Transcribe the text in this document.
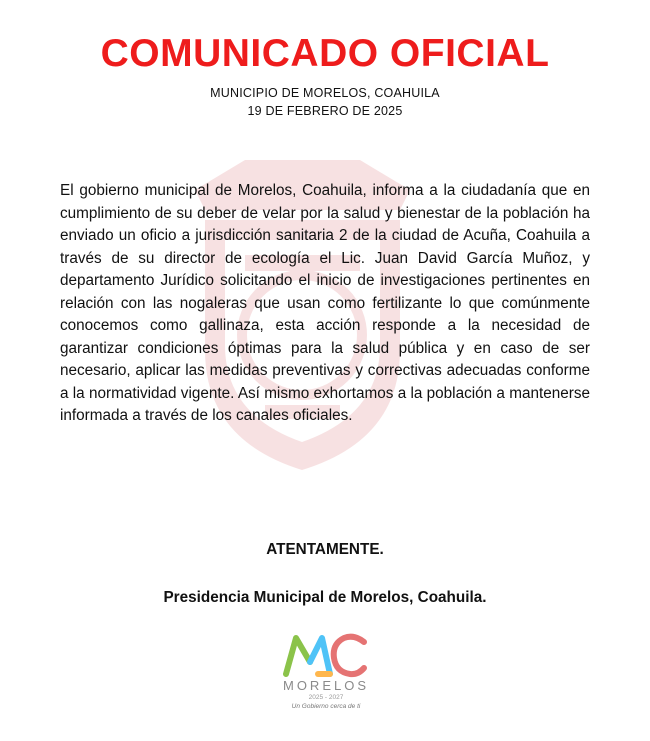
COMUNICADO OFICIAL
MUNICIPIO DE MORELOS, COAHUILA
19 DE FEBRERO DE 2025

El gobierno municipal de Morelos, Coahuila, informa a la ciudadanía que en cumplimiento de su deber de velar por la salud y bienestar de la población ha enviado un oficio a jurisdicción sanitaria 2 de la ciudad de Acuña, Coahuila a través de su director de ecología el Lic. Juan David García Muñoz, y departamento Jurídico solicitando el inicio de investigaciones pertinentes en relación con las nogaleras que usan como fertilizante lo que comúnmente conocemos como gallinaza, esta acción responde a la necesidad de garantizar condiciones óptimas para la salud pública y en caso de ser necesario, aplicar las medidas preventivas y correctivas adecuadas conforme a la normatividad vigente. Así mismo exhortamos a la población a mantenerse informada a través de los canales oficiales.

ATENTAMENTE.
Presidencia Municipal de Morelos, Coahuila.
MORELOS
2025 - 2027
Un Gobierno cerca de ti
